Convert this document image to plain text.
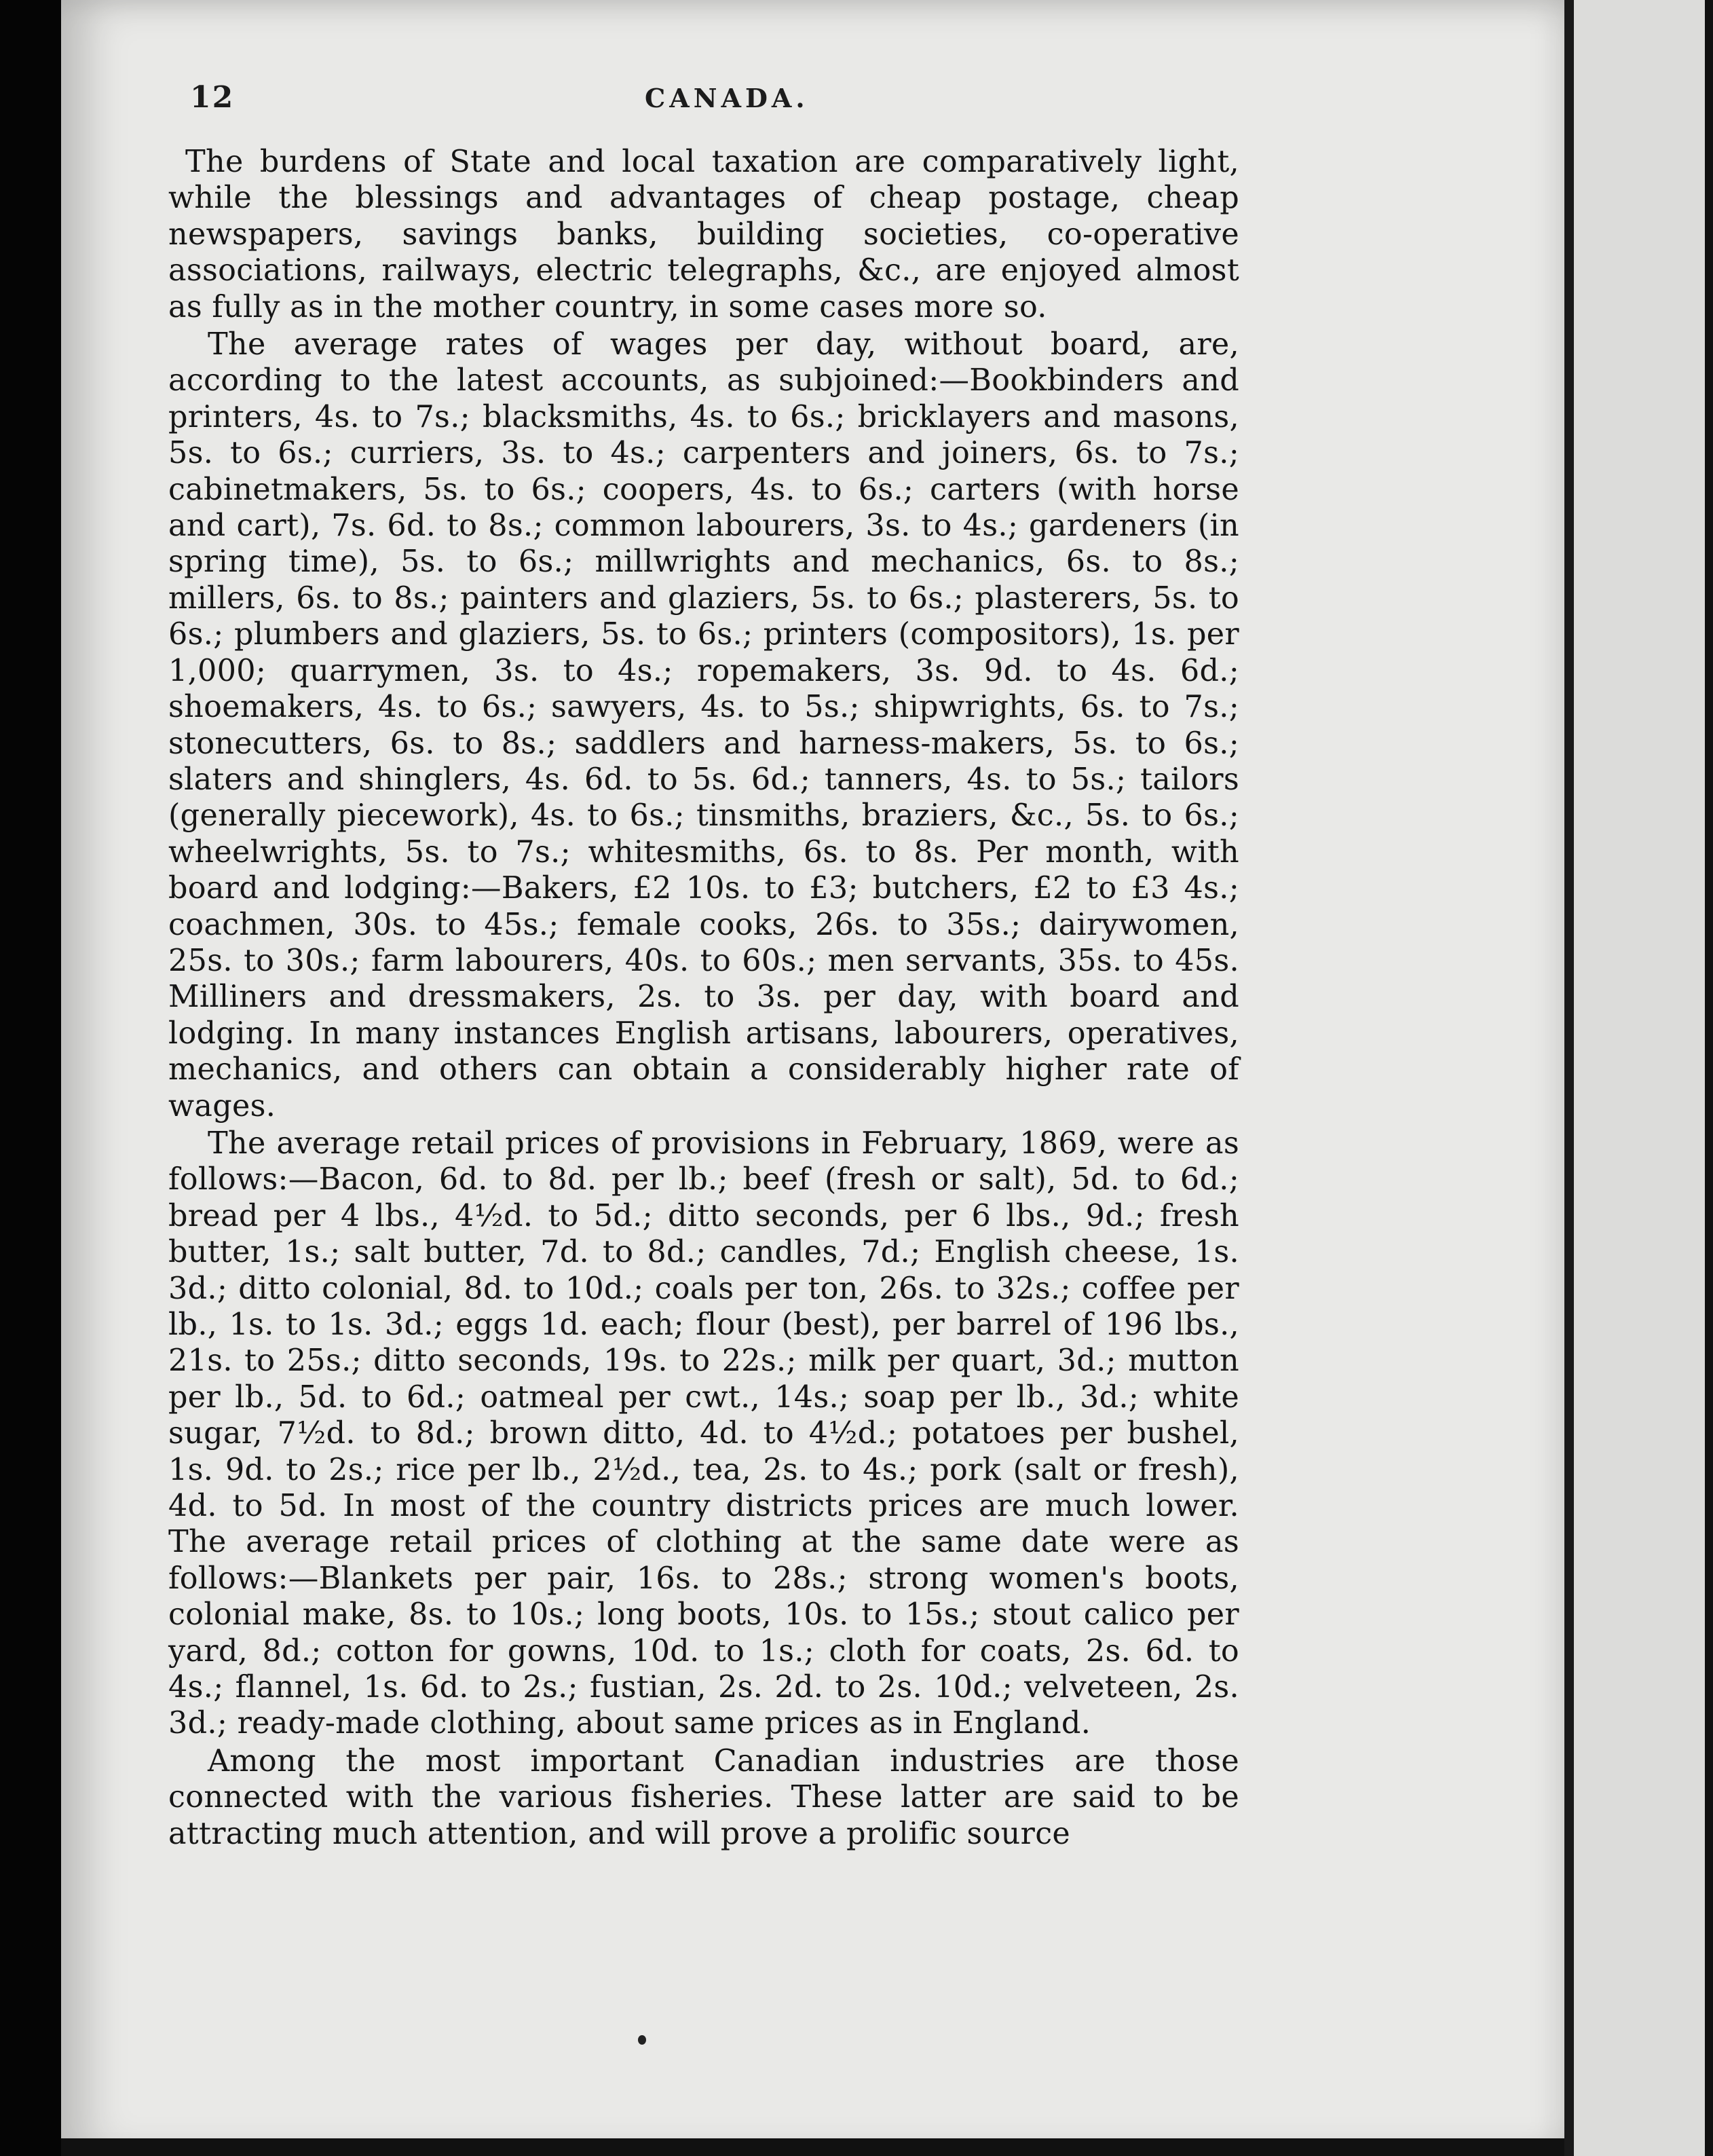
12	CANADA.

The burdens of State and local taxation are comparatively light, while the blessings and advantages of cheap postage, cheap newspapers, savings banks, building societies, co-operative associations, railways, electric telegraphs, &c., are enjoyed almost as fully as in the mother country, in some cases more so.

The average rates of wages per day, without board, are, according to the latest accounts, as subjoined:—Bookbinders and printers, 4s. to 7s.; blacksmiths, 4s. to 6s.; bricklayers and masons, 5s. to 6s.; curriers, 3s. to 4s.; carpenters and joiners, 6s. to 7s.; cabinetmakers, 5s. to 6s.; coopers, 4s. to 6s.; carters (with horse and cart), 7s. 6d. to 8s.; common labourers, 3s. to 4s.; gardeners (in spring time), 5s. to 6s.; millwrights and mechanics, 6s. to 8s.; millers, 6s. to 8s.; painters and glaziers, 5s. to 6s.; plasterers, 5s. to 6s.; plumbers and glaziers, 5s. to 6s.; printers (compositors), 1s. per 1,000; quarrymen, 3s. to 4s.; ropemakers, 3s. 9d. to 4s. 6d.; shoemakers, 4s. to 6s.; sawyers, 4s. to 5s.; shipwrights, 6s. to 7s.; stonecutters, 6s. to 8s.; saddlers and harness-makers, 5s. to 6s.; slaters and shinglers, 4s. 6d. to 5s. 6d.; tanners, 4s. to 5s.; tailors (generally piecework), 4s. to 6s.; tinsmiths, braziers, &c., 5s. to 6s.; wheelwrights, 5s. to 7s.; whitesmiths, 6s. to 8s. Per month, with board and lodging:—Bakers, £2 10s. to £3; butchers, £2 to £3 4s.; coachmen, 30s. to 45s.; female cooks, 26s. to 35s.; dairywomen, 25s. to 30s.; farm labourers, 40s. to 60s.; men servants, 35s. to 45s. Milliners and dressmakers, 2s. to 3s. per day, with board and lodging. In many instances English artisans, labourers, operatives, mechanics, and others can obtain a considerably higher rate of wages.

The average retail prices of provisions in February, 1869, were as follows:—Bacon, 6d. to 8d. per lb.; beef (fresh or salt), 5d. to 6d.; bread per 4 lbs., 4½d. to 5d.; ditto seconds, per 6 lbs., 9d.; fresh butter, 1s.; salt butter, 7d. to 8d.; candles, 7d.; English cheese, 1s. 3d.; ditto colonial, 8d. to 10d.; coals per ton, 26s. to 32s.; coffee per lb., 1s. to 1s. 3d.; eggs 1d. each; flour (best), per barrel of 196 lbs., 21s. to 25s.; ditto seconds, 19s. to 22s.; milk per quart, 3d.; mutton per lb., 5d. to 6d.; oatmeal per cwt., 14s.; soap per lb., 3d.; white sugar, 7½d. to 8d.; brown ditto, 4d. to 4½d.; potatoes per bushel, 1s. 9d. to 2s.; rice per lb., 2½d., tea, 2s. to 4s.; pork (salt or fresh), 4d. to 5d. In most of the country districts prices are much lower. The average retail prices of clothing at the same date were as follows:—Blankets per pair, 16s. to 28s.; strong women's boots, colonial make, 8s. to 10s.; long boots, 10s. to 15s.; stout calico per yard, 8d.; cotton for gowns, 10d. to 1s.; cloth for coats, 2s. 6d. to 4s.; flannel, 1s. 6d. to 2s.; fustian, 2s. 2d. to 2s. 10d.; velveteen, 2s. 3d.; ready-made clothing, about same prices as in England.

Among the most important Canadian industries are those connected with the various fisheries. These latter are said to be attracting much attention, and will prove a prolific source
